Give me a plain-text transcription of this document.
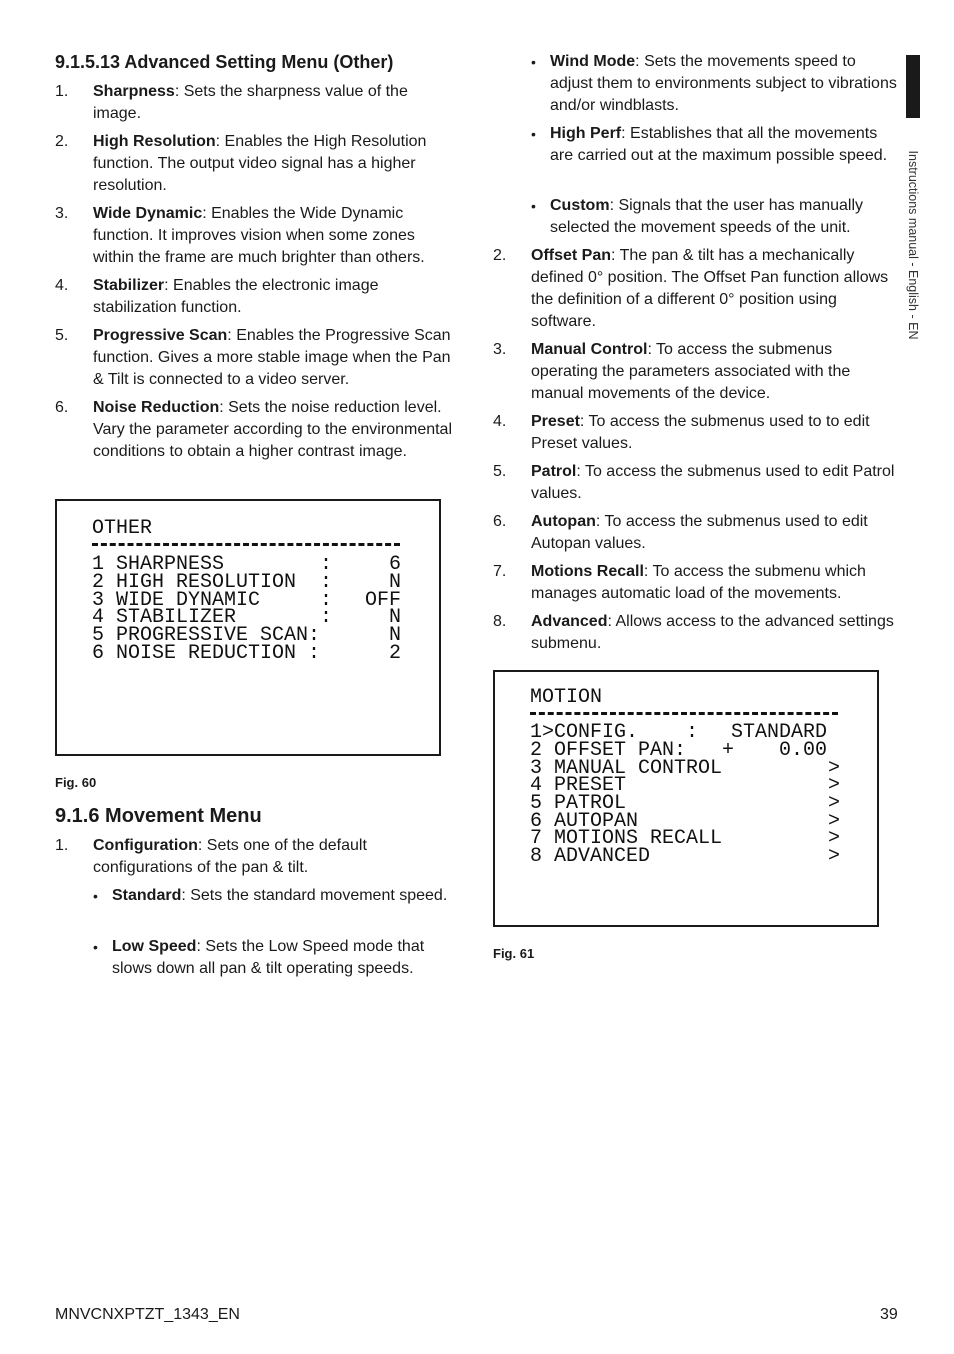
9.1.5.13 Advanced Setting Menu (Other)
1.	Sharpness: Sets the sharpness value of the image.
2.	High Resolution: Enables the High Resolution function. The output video signal has a higher resolution.
3.	Wide Dynamic: Enables the Wide Dynamic function. It improves vision when some zones within the frame are much brighter than others.
4.	Stabilizer: Enables the electronic image stabilization function.
5.	Progressive Scan: Enables the Progressive Scan function. Gives a more stable image when the Pan & Tilt is connected to a video server.
6.	Noise Reduction: Sets the noise reduction level. Vary the parameter according to the environmental conditions to obtain a higher contrast image.
OTHER
1 SHARPNESS        :	6
2 HIGH RESOLUTION  :	N
3 WIDE DYNAMIC     : OFF
4 STABILIZER       :	N
5 PROGRESSIVE SCAN:	N
6 NOISE REDUCTION :	2
Fig. 60
9.1.6 Movement Menu
1.	Configuration: Sets one of the default configurations of the pan & tilt.
• Standard: Sets the standard movement speed.
• Low Speed: Sets the Low Speed mode that slows down all pan & tilt operating speeds.
• Wind Mode: Sets the movements speed to adjust them to environments subject to vibrations and/or windblasts.
• High Perf: Establishes that all the movements are carried out at the maximum possible speed.
• Custom: Signals that the user has manually selected the movement speeds of the unit.
2.	Offset Pan: The pan & tilt has a mechanically defined 0° position. The Offset Pan function allows the definition of a different 0° position using software.
3.	Manual Control: To access the submenus operating the parameters associated with the manual movements of the device.
4.	Preset: To access the submenus used to to edit Preset values.
5.	Patrol: To access the submenus used to edit Patrol values.
6.	Autopan: To access the submenus used to edit Autopan values.
7.	Motions Recall: To access the submenu which manages automatic load of the movements.
8.	Advanced: Allows access to the advanced settings submenu.
MOTION
1>CONFIG.    : STANDARD
2 OFFSET PAN:   + 0.00
3 MANUAL CONTROL	>
4 PRESET	>
5 PATROL	>
6 AUTOPAN	>
7 MOTIONS RECALL	>
8 ADVANCED	>
Fig. 61
Instructions manual - English - EN
MNVCNXPTZT_1343_EN	39
